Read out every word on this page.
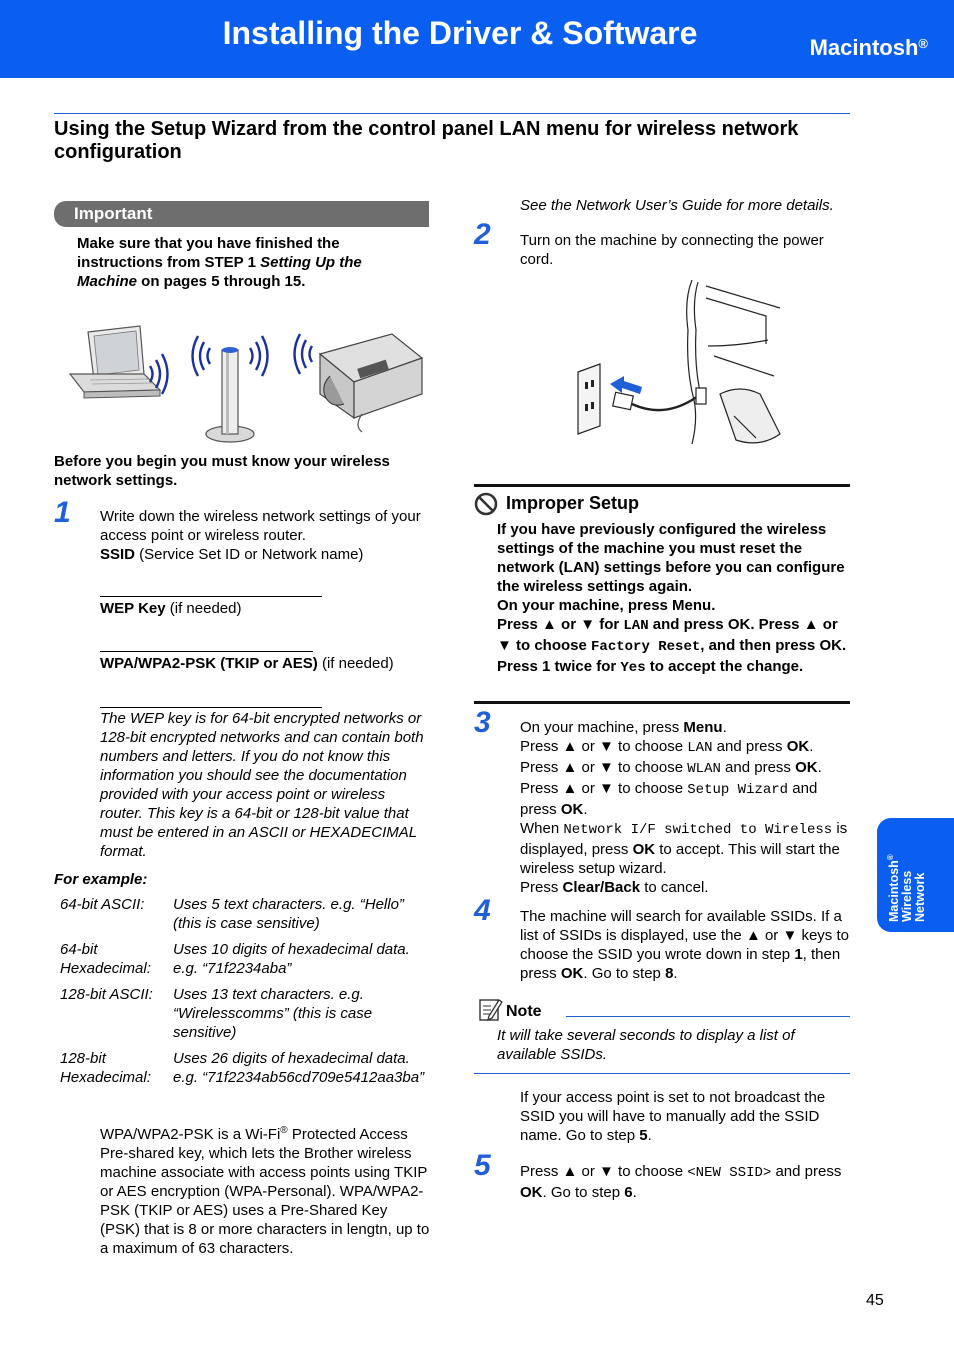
Installing the Driver & Software	Macintosh®
Using the Setup Wizard from the control panel LAN menu for wireless network configuration
Important
Make sure that you have finished the instructions from STEP 1 Setting Up the Machine on pages 5 through 15.
Before you begin you must know your wireless network settings.
1 Write down the wireless network settings of your access point or wireless router.
SSID (Service Set ID or Network name)
WEP Key (if needed)
WPA/WPA2-PSK (TKIP or AES) (if needed)
The WEP key is for 64-bit encrypted networks or 128-bit encrypted networks and can contain both numbers and letters. If you do not know this information you should see the documentation provided with your access point or wireless router. This key is a 64-bit or 128-bit value that must be entered in an ASCII or HEXADECIMAL format.
For example:
64-bit ASCII:	Uses 5 text characters. e.g. “Hello” (this is case sensitive)
64-bit Hexadecimal:	Uses 10 digits of hexadecimal data. e.g. “71f2234aba”
128-bit ASCII:	Uses 13 text characters. e.g. “Wirelesscomms” (this is case sensitive)
128-bit Hexadecimal:	Uses 26 digits of hexadecimal data. e.g. “71f2234ab56cd709e5412aa3ba”
WPA/WPA2-PSK is a Wi-Fi® Protected Access Pre-shared key, which lets the Brother wireless machine associate with access points using TKIP or AES encryption (WPA-Personal). WPA/WPA2-PSK (TKIP or AES) uses a Pre-Shared Key (PSK) that is 8 or more characters in lengtn, up to a maximum of 63 characters.
See the Network User’s Guide for more details.
2 Turn on the machine by connecting the power cord.
Improper Setup
If you have previously configured the wireless settings of the machine you must reset the network (LAN) settings before you can configure the wireless settings again.
On your machine, press Menu.
Press ▲ or ▼ for LAN and press OK. Press ▲ or ▼ to choose Factory Reset, and then press OK.
Press 1 twice for Yes to accept the change.
3 On your machine, press Menu.
Press ▲ or ▼ to choose LAN and press OK.
Press ▲ or ▼ to choose WLAN and press OK.
Press ▲ or ▼ to choose Setup Wizard and press OK.
When Network I/F switched to Wireless is displayed, press OK to accept. This will start the wireless setup wizard.
Press Clear/Back to cancel.
4 The machine will search for available SSIDs. If a list of SSIDs is displayed, use the ▲ or ▼ keys to choose the SSID you wrote down in step 1, then press OK. Go to step 8.
Note
It will take several seconds to display a list of available SSIDs.
If your access point is set to not broadcast the SSID you will have to manually add the SSID name. Go to step 5.
5 Press ▲ or ▼ to choose <NEW SSID> and press OK. Go to step 6.
Macintosh®
Wireless Network
45
